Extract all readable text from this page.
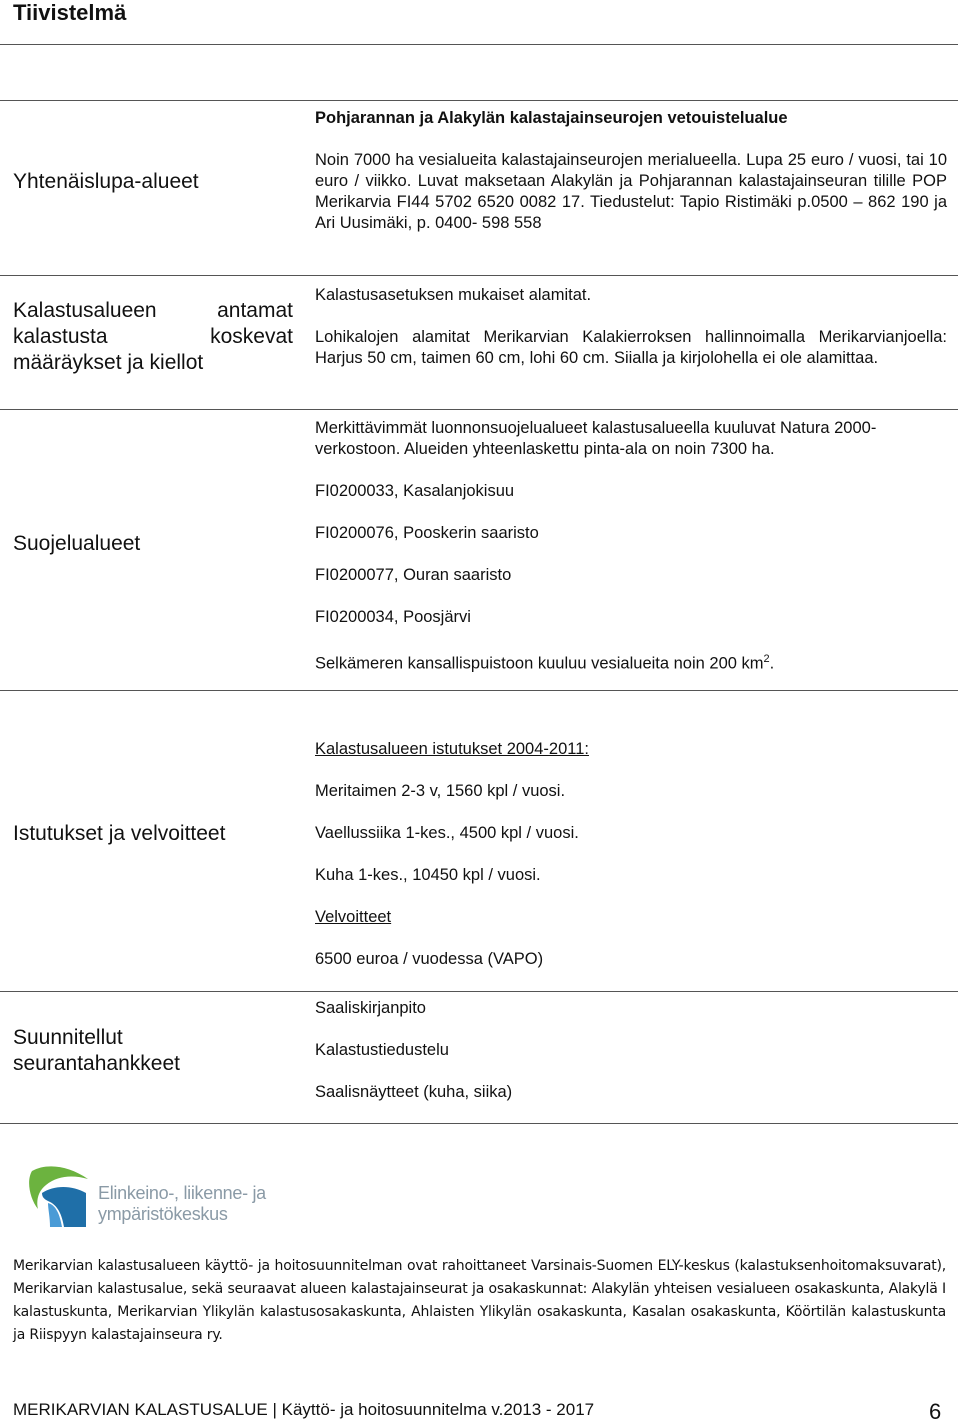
Tiivistelmä
Yhtenäislupa-alueet
Pohjarannan ja Alakylän kalastajainseurojen vetouistelualue
Noin 7000 ha vesialueita kalastajainseurojen merialueella. Lupa 25 euro / vuosi, tai 10 euro / viikko. Luvat maksetaan Alakylän ja Pohjarannan kalastajainseuran tilille POP Merikarvia FI44 5702 6520 0082 17. Tiedustelut: Tapio Ristimäki p.0500 – 862 190 ja Ari Uusimäki, p. 0400- 598 558
Kalastusalueen antamat
kalastusta koskevat
määräykset ja kiellot
Kalastusasetuksen mukaiset alamitat.
Lohikalojen alamitat Merikarvian Kalakierroksen hallinnoimalla Merikarvianjoella: Harjus 50 cm, taimen 60 cm, lohi 60 cm. Siialla ja kirjolohella ei ole alamittaa.
Suojelualueet
Merkittävimmät luonnonsuojelualueet kalastusalueella kuuluvat Natura 2000-verkostoon. Alueiden yhteenlaskettu pinta-ala on noin 7300 ha.
FI0200033, Kasalanjokisuu
FI0200076, Pooskerin saaristo
FI0200077, Ouran saaristo
FI0200034, Poosjärvi
Selkämeren kansallispuistoon kuuluu vesialueita noin 200 $km^2$.
Istutukset ja velvoitteet
Kalastusalueen istutukset 2004-2011:
Meritaimen 2-3 v, 1560 kpl / vuosi.
Vaellussiika 1-kes., 4500 kpl / vuosi.
Kuha 1-kes., 10450 kpl / vuosi.
Velvoitteet
6500 euroa / vuodessa (VAPO)
Suunnitellut
seurantahankkeet
Saaliskirjanpito
Kalastustiedustelu
Saalisnäytteet (kuha, siika)
Elinkeino-, liikenne- ja
ympäristökeskus
Merikarvian kalastusalueen käyttö- ja hoitosuunnitelman ovat rahoittaneet Varsinais-Suomen ELY-keskus (kalastuksenhoitomaksuvarat), Merikarvian kalastusalue, sekä seuraavat alueen kalastajainseurat ja osakaskunnat: Alakylän yhteisen vesialueen osakaskunta, Alakylä I kalastuskunta, Merikarvian Ylikylän kalastusosakaskunta, Ahlaisten Ylikylän osakaskunta, Kasalan osakaskunta, Köörtilän kalastuskunta ja Riispyyn kalastajainseura ry.
MERIKARVIAN KALASTUSALUE | Käyttö- ja hoitosuunnitelma v.2013 - 2017	6
